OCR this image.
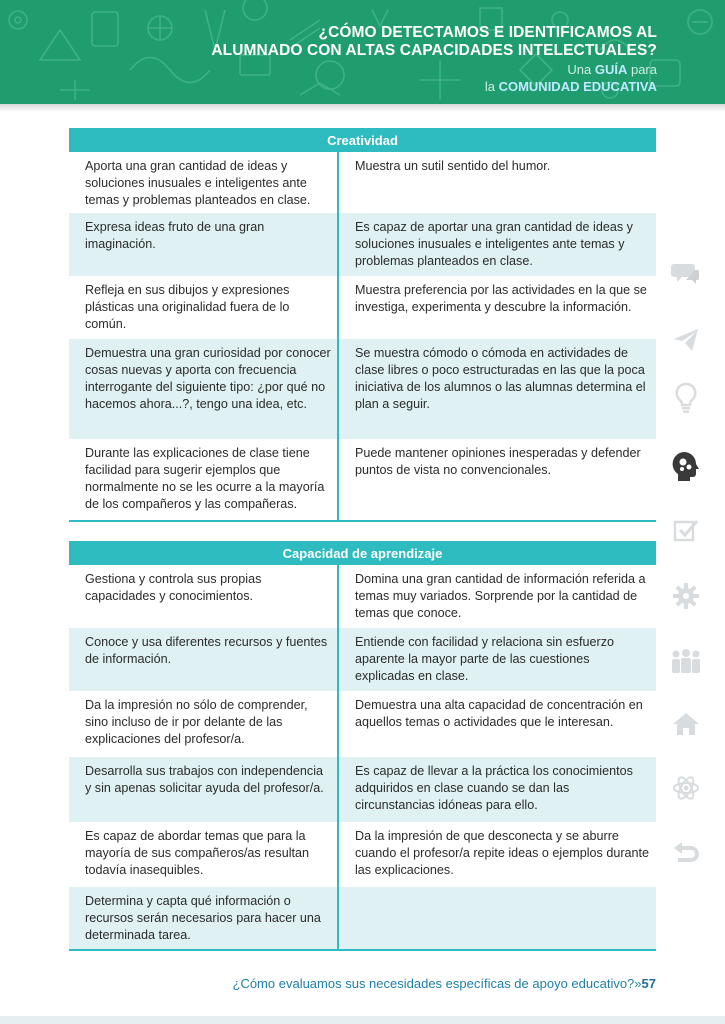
¿CÓMO DETECTAMOS E IDENTIFICAMOS AL
ALUMNADO CON ALTAS CAPACIDADES INTELECTUALES?
Una GUÍA para
la COMUNIDAD EDUCATIVA
Creatividad	
Aporta una gran cantidad de ideas y soluciones inusuales e inteligentes ante temas y problemas planteados en clase.	Muestra un sutil sentido del humor.
Expresa ideas fruto de una gran imaginación.	Es capaz de aportar una gran cantidad de ideas y soluciones inusuales e inteligentes ante temas y problemas planteados en clase.
Refleja en sus dibujos y expresiones plásticas una originalidad fuera de lo común.	Muestra preferencia por las actividades en la que se investiga, experimenta y descubre la información.
Demuestra una gran curiosidad por conocer cosas nuevas y aporta con frecuencia interrogante del siguiente tipo: ¿por qué no hacemos ahora...?, tengo una idea, etc.	Se muestra cómodo o cómoda en actividades de clase libres o poco estructuradas en las que la poca iniciativa de los alumnos o las alumnas determina el plan a seguir.
Durante las explicaciones de clase tiene facilidad para sugerir ejemplos que normalmente no se les ocurre a la mayoría de los compañeros y las compañeras.	Puede mantener opiniones inesperadas y defender puntos de vista no convencionales.
Capacidad de aprendizaje	
Gestiona y controla sus propias capacidades y conocimientos.	Domina una gran cantidad de información referida a temas muy variados. Sorprende por la cantidad de temas que conoce.
Conoce y usa diferentes recursos y fuentes de información.	Entiende con facilidad y relaciona sin esfuerzo aparente la mayor parte de las cuestiones explicadas en clase.
Da la impresión no sólo de comprender, sino incluso de ir por delante de las explicaciones del profesor/a.	Demuestra una alta capacidad de concentración en aquellos temas o actividades que le interesan.
Desarrolla sus trabajos con independencia y sin apenas solicitar ayuda del profesor/a.	Es capaz de llevar a la práctica los conocimientos adquiridos en clase cuando se dan las circunstancias idóneas para ello.
Es capaz de abordar temas que para la mayoría de sus compañeros/as resultan todavía inasequibles.	Da la impresión de que desconecta y se aburre cuando el profesor/a repite ideas o ejemplos durante las explicaciones.
Determina y capta qué información o recursos serán necesarios para hacer una determinada tarea.	
¿Cómo evaluamos sus necesidades específicas de apoyo educativo?»57
